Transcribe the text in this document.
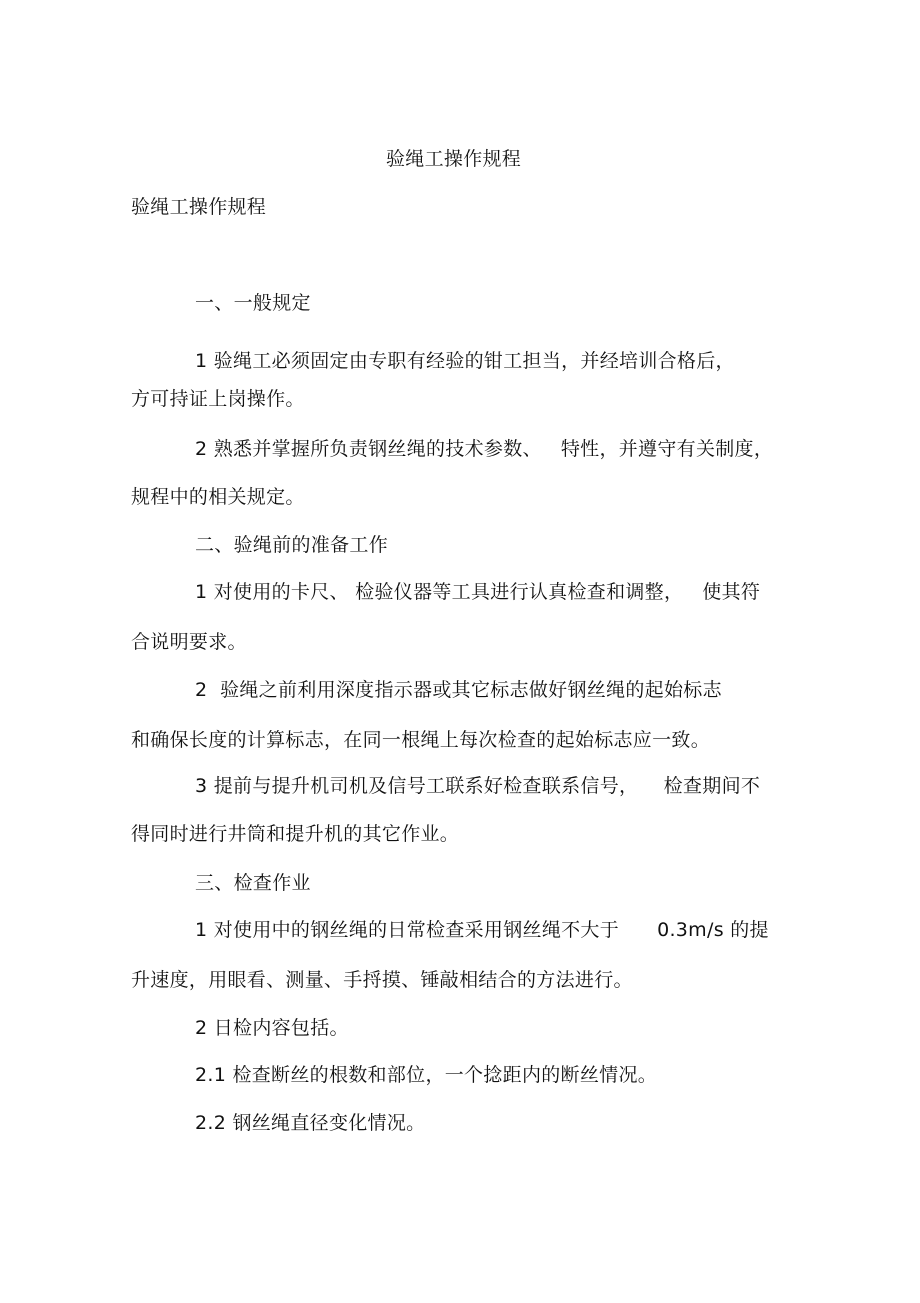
验绳工操作规程
验绳工操作规程
一、一般规定
1 验绳工必须固定由专职有经验的钳工担当，并经培训合格后，
方可持证上岗操作。
2 熟悉并掌握所负责钢丝绳的技术参数、   特性，并遵守有关制度，
规程中的相关规定。
二、验绳前的准备工作
1 对使用的卡尺、 检验仪器等工具进行认真检查和调整，   使其符
合说明要求。
2  验绳之前利用深度指示器或其它标志做好钢丝绳的起始标志
和确保长度的计算标志，在同一根绳上每次检查的起始标志应一致。
3 提前与提升机司机及信号工联系好检查联系信号，    检查期间不
得同时进行井筒和提升机的其它作业。
三、检查作业
1 对使用中的钢丝绳的日常检查采用钢丝绳不大于      0.3m/s 的提
升速度，用眼看、测量、手捋摸、锤敲相结合的方法进行。
2 日检内容包括。
2.1 检查断丝的根数和部位，一个捻距内的断丝情况。
2.2 钢丝绳直径变化情况。
